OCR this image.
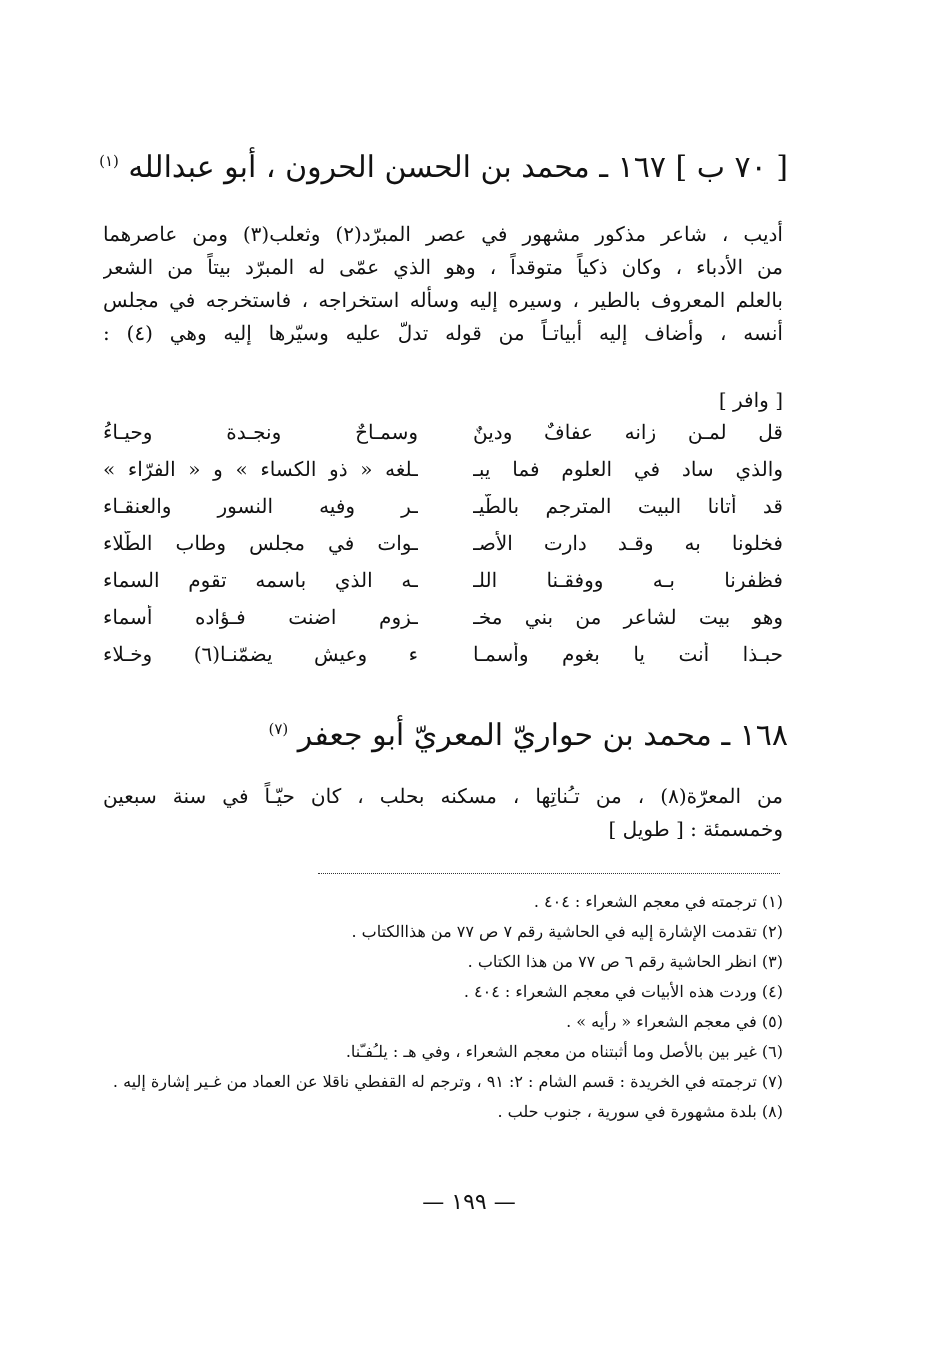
[ ٧٠ ب ] ١٦٧ ـ محمد بن الحسن الحرون ، أبو عبدالله $^{(١)}$
أديب ، شاعر مذكور مشهور في عصر المبرّد(٢) وثعلب(٣) ومن عاصرهما
من الأدباء ، وكان ذكياً متوقداً ، وهو الذي عمّى له المبرّد بيتاً من الشعر
بالعلم المعروف بالطير ، وسيره إليه وسأله استخراجه ، فاستخرجه في مجلس
أنسه ، وأضاف إليه أبياتـاً من قوله تدلّ عليه وسيّرها إليه وهي (٤) :
[ وافر ]
قل لمـن زانه عفافٌ ودينٌ
وسمـاحٌ ونجـدة وحيـاءُ
والذي ساد في العلوم فما يبـ
ـلغه « ذو الكساء » و « الفرّاء »
قد أتانا البيت المترجم بالطّيـ
ـر وفيه النسور والعنقـاء
فخلونا به وقـد دارت الأصـ
ـوات في مجلس وطاب الطّلاء
فظفرنا بـه ووفقـنا اللـ
ـه الذي باسمه تقوم السماء
وهو بيت لشاعر من بني مخـ
ـزوم اضنت فـؤاده أسماء
حبـذا أنت يا بغوم وأسمـا
ء وعيش يضمّنـا(٦) وخـلاء
١٦٨ ـ محمد بن حواريّ المعريّ أبو جعفر $^{(٧)}$
من المعرّة(٨) ، من تـُناتِها ، مسكنه بحلب ، كان حيّـاً في سنة سبعين
وخمسمئة : [ طويل ]
(١) ترجمته في معجم الشعراء : ٤٠٤ .
(٢) تقدمت الإشارة إليه في الحاشية رقم ٧ ص ٧٧ من هذاالكتاب .
(٣) انظر الحاشية رقم ٦ ص ٧٧ من هذا الكتاب .
(٤) وردت هذه الأبيات في معجم الشعراء : ٤٠٤ .
(٥) في معجم الشعراء « رأيه » .
(٦) غير بين بالأصل وما أثبتناه من معجم الشعراء ، وفي هـ : يلـُفـّنا.
(٧) ترجمته في الخريدة : قسم الشام : ٢: ٩١ ، وترجم له القفطي ناقلا عن العماد من غـير إشارة إليه .
(٨) بلدة مشهورة في سورية ، جنوب حلب .
— ١٩٩ —
